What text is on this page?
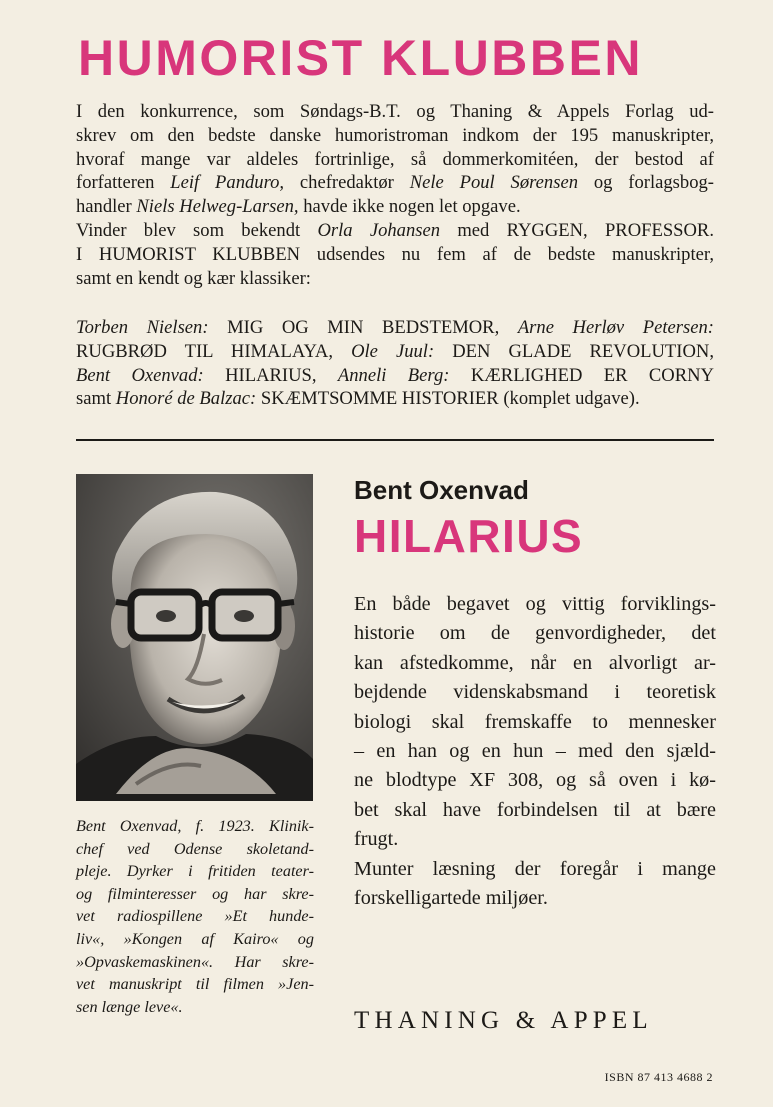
HUMORIST KLUBBEN
I den konkurrence, som Søndags-B.T. og Thaning & Appels Forlag ud-
skrev om den bedste danske humoristroman indkom der 195 manuskripter,
hvoraf mange var aldeles fortrinlige, så dommerkomitéen, der bestod af
forfatteren Leif Panduro, chefredaktør Nele Poul Sørensen og forlagsbog-
handler Niels Helweg-Larsen, havde ikke nogen let opgave.
Vinder blev som bekendt Orla Johansen med RYGGEN, PROFESSOR.
I HUMORIST KLUBBEN udsendes nu fem af de bedste manuskripter,
samt en kendt og kær klassiker:
Torben Nielsen: MIG OG MIN BEDSTEMOR, Arne Herløv Petersen:
RUGBRØD TIL HIMALAYA, Ole Juul: DEN GLADE REVOLUTION,
Bent Oxenvad: HILARIUS, Anneli Berg: KÆRLIGHED ER CORNY
samt Honoré de Balzac: SKÆMTSOMME HISTORIER (komplet udgave).
Bent Oxenvad, f. 1923. Klinik-
chef ved Odense skoletand-
pleje. Dyrker i fritiden teater-
og filminteresser og har skre-
vet radiospillene »Et hunde-
liv«, »Kongen af Kairo« og
»Opvaskemaskinen«. Har skre-
vet manuskript til filmen »Jen-
sen længe leve«.
Bent Oxenvad
HILARIUS
En både begavet og vittig forviklings-
historie om de genvordigheder, det
kan afstedkomme, når en alvorligt ar-
bejdende videnskabsmand i teoretisk
biologi skal fremskaffe to mennesker
– en han og en hun – med den sjæld-
ne blodtype XF 308, og så oven i kø-
bet skal have forbindelsen til at bære
frugt.
Munter læsning der foregår i mange
forskelligartede miljøer.

THANING & APPEL

ISBN 87 413 4688 2
